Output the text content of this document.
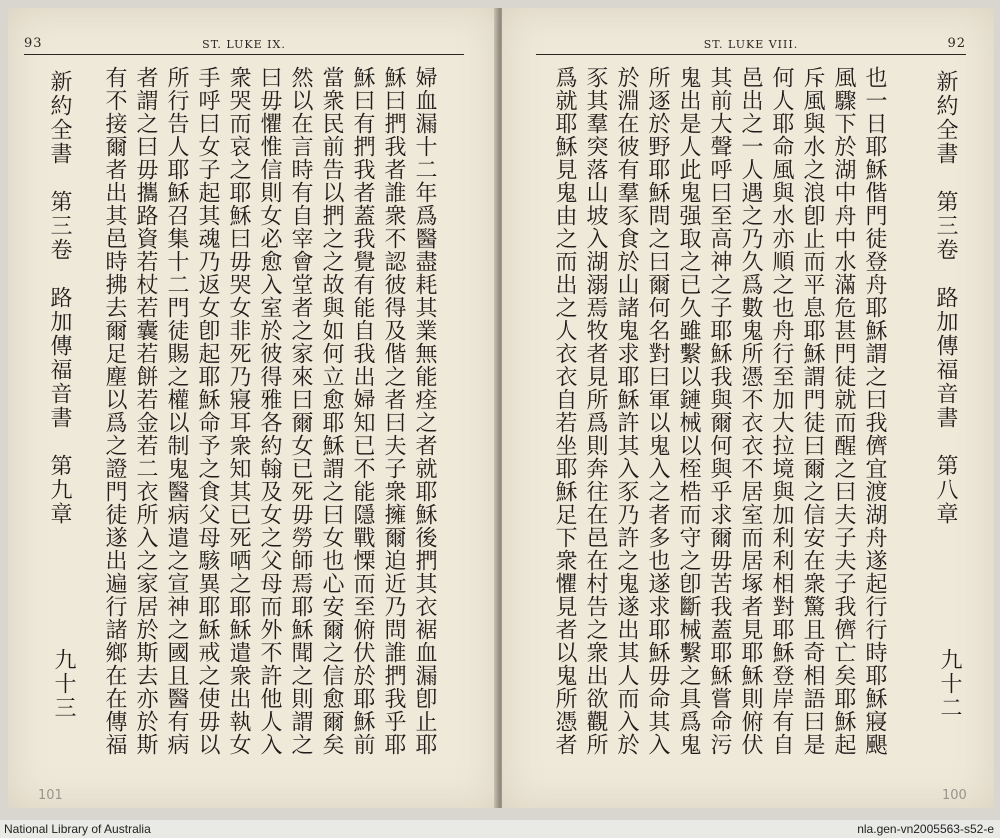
93	ST. LUKE IX.
新約全書　第三卷　路加傳福音書　第九章	婦血漏十二年爲醫盡耗其業無能痊之者就耶穌後捫其衣裾血漏卽止耶穌曰捫我者誰衆不認彼得及偕之者曰夫子衆擁爾迫近乃問誰捫我乎耶穌曰有捫我者蓋我覺有能自我出婦知已不能隱戰慄而至俯伏於耶穌前當衆民前告以捫之之故與如何立愈耶穌謂之曰女也心安爾之信愈爾矣然以在言時有自宰會堂者之家來曰爾女已死毋勞師焉耶穌聞之則謂之曰毋懼惟信則女必愈入室於彼得雅各約翰及女之父母而外不許他人入衆哭而哀之耶穌曰毋哭女非死乃寢耳衆知其已死哂之耶穌遣衆出執女手呼曰女子起其魂乃返女卽起耶穌命予之食父母駭異耶穌戒之使毋以所行告人耶穌召集十二門徒賜之權以制鬼醫病遣之宣神之國且醫有病者謂之曰毋攜路資若杖若囊若餅若金若二衣所入之家居於斯去亦於斯有不接爾者出其邑時拂去爾足塵以爲之證門徒遂出遍行諸鄉在在傳福

九十三
101
ST. LUKE VIII.	92
新約全書　第三卷　路加傳福音書　第八章

也一日耶穌偕門徒登舟耶穌謂之曰我儕宜渡湖舟遂起行行時耶穌寢颶風驟下於湖中舟中水滿危甚門徒就而醒之曰夫子夫子我儕亡矣耶穌起斥風與水之浪卽止而平息耶穌謂門徒曰爾之信安在衆驚且奇相語曰是何人耶命風與水亦順之也舟行至加大拉境與加利利相對耶穌登岸有自邑出之一人遇之乃久爲數鬼所憑不衣衣不居室而居塚者見耶穌則俯伏其前大聲呼曰至高神之子耶穌我與爾何與乎求爾毋苦我蓋耶穌嘗命污鬼出是人此鬼强取之已久雖繫以鏈械以桎梏而守之卽斷械繫之具爲鬼所逐於野耶穌問之曰爾何名對曰軍以鬼入之者多也遂求耶穌毋命其入於淵在彼有羣豕食於山諸鬼求耶穌許其入豕乃許之鬼遂出其人而入於豕其羣突落山坡入湖溺焉牧者見所爲則奔往在邑在村告之衆出欲觀所爲就耶穌見鬼由之而出之人衣衣自若坐耶穌足下衆懼見者以鬼所憑者

九十二
100
National Library of Australia	nla.gen-vn2005563-s52-e
